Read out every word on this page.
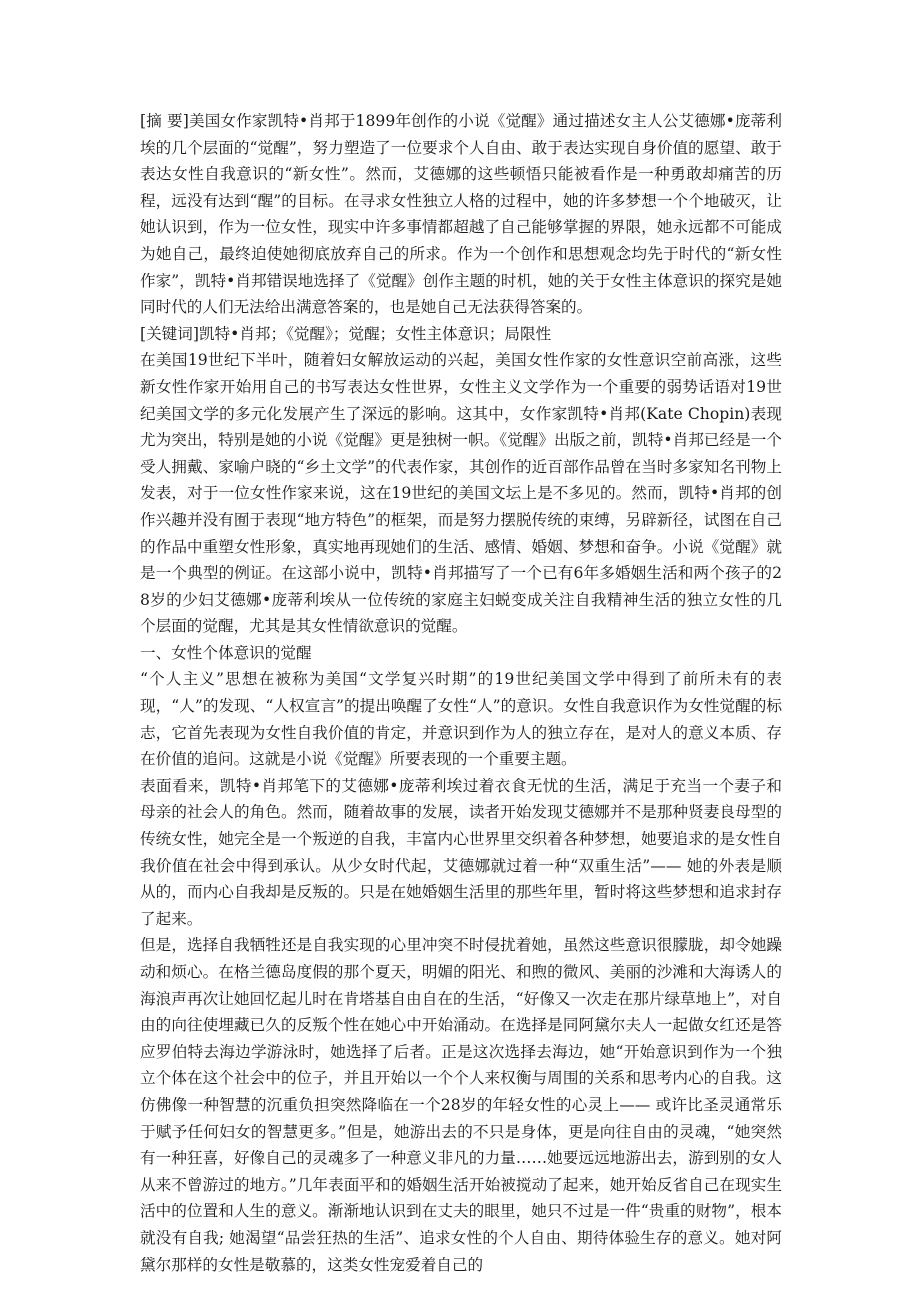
[摘 要]美国女作家凯特•肖邦于1899年创作的小说《觉醒》通过描述女主人公艾德娜•庞蒂利埃的几个层面的“觉醒”，努力塑造了一位要求个人自由、敢于表达实现自身价值的愿望、敢于表达女性自我意识的“新女性”。然而，艾德娜的这些顿悟只能被看作是一种勇敢却痛苦的历程，远没有达到“醒”的目标。在寻求女性独立人格的过程中，她的许多梦想一个个地破灭，让她认识到，作为一位女性，现实中许多事情都超越了自己能够掌握的界限，她永远都不可能成为她自己，最终迫使她彻底放弃自己的所求。作为一个创作和思想观念均先于时代的“新女性作家”，凯特•肖邦错误地选择了《觉醒》创作主题的时机，她的关于女性主体意识的探究是她同时代的人们无法给出满意答案的，也是她自己无法获得答案的。

[关键词]凯特•肖邦；《觉醒》；觉醒；女性主体意识；局限性

在美国19世纪下半叶，随着妇女解放运动的兴起，美国女性作家的女性意识空前高涨，这些新女性作家开始用自己的书写表达女性世界，女性主义文学作为一个重要的弱势话语对19世纪美国文学的多元化发展产生了深远的影响。这其中，女作家凯特•肖邦(Kate Chopin)表现尤为突出，特别是她的小说《觉醒》更是独树一帜。《觉醒》出版之前，凯特•肖邦已经是一个受人拥戴、家喻户晓的“乡土文学”的代表作家，其创作的近百部作品曾在当时多家知名刊物上发表，对于一位女性作家来说，这在19世纪的美国文坛上是不多见的。然而，凯特•肖邦的创作兴趣并没有囿于表现“地方特色”的框架，而是努力摆脱传统的束缚，另辟新径，试图在自己的作品中重塑女性形象，真实地再现她们的生活、感情、婚姻、梦想和奋争。小说《觉醒》就是一个典型的例证。在这部小说中，凯特•肖邦描写了一个已有6年多婚姻生活和两个孩子的28岁的少妇艾德娜•庞蒂利埃从一位传统的家庭主妇蜕变成关注自我精神生活的独立女性的几个层面的觉醒，尤其是其女性情欲意识的觉醒。

一、女性个体意识的觉醒

“个人主义”思想在被称为美国“文学复兴时期”的19世纪美国文学中得到了前所未有的表现，“人”的发现、“人权宣言”的提出唤醒了女性“人”的意识。女性自我意识作为女性觉醒的标志，它首先表现为女性自我价值的肯定，并意识到作为人的独立存在，是对人的意义本质、存在价值的追问。这就是小说《觉醒》所要表现的一个重要主题。

表面看来，凯特•肖邦笔下的艾德娜•庞蒂利埃过着衣食无忧的生活，满足于充当一个妻子和母亲的社会人的角色。然而，随着故事的发展，读者开始发现艾德娜并不是那种贤妻良母型的传统女性，她完全是一个叛逆的自我，丰富内心世界里交织着各种梦想，她要追求的是女性自我价值在社会中得到承认。从少女时代起，艾德娜就过着一种“双重生活”—— 她的外表是顺从的，而内心自我却是反叛的。只是在她婚姻生活里的那些年里，暂时将这些梦想和追求封存了起来。

但是，选择自我牺牲还是自我实现的心里冲突不时侵扰着她，虽然这些意识很朦胧，却令她躁动和烦心。在格兰德岛度假的那个夏天，明媚的阳光、和煦的微风、美丽的沙滩和大海诱人的海浪声再次让她回忆起儿时在肯塔基自由自在的生活，“好像又一次走在那片绿草地上”，对自由的向往使埋藏已久的反叛个性在她心中开始涌动。在选择是同阿黛尔夫人一起做女红还是答应罗伯特去海边学游泳时，她选择了后者。正是这次选择去海边，她“开始意识到作为一个独立个体在这个社会中的位子，并且开始以一个个人来权衡与周围的关系和思考内心的自我。这仿佛像一种智慧的沉重负担突然降临在一个28岁的年轻女性的心灵上—— 或许比圣灵通常乐于赋予任何妇女的智慧更多。”但是，她游出去的不只是身体，更是向往自由的灵魂，“她突然有一种狂喜，好像自己的灵魂多了一种意义非凡的力量……她要远远地游出去，游到别的女人从来不曾游过的地方。”几年表面平和的婚姻生活开始被搅动了起来，她开始反省自己在现实生活中的位置和人生的意义。渐渐地认识到在丈夫的眼里，她只不过是一件“贵重的财物”，根本就没有自我; 她渴望“品尝狂热的生活”、追求女性的个人自由、期待体验生存的意义。她对阿黛尔那样的女性是敬慕的，这类女性宠爱着自己的
